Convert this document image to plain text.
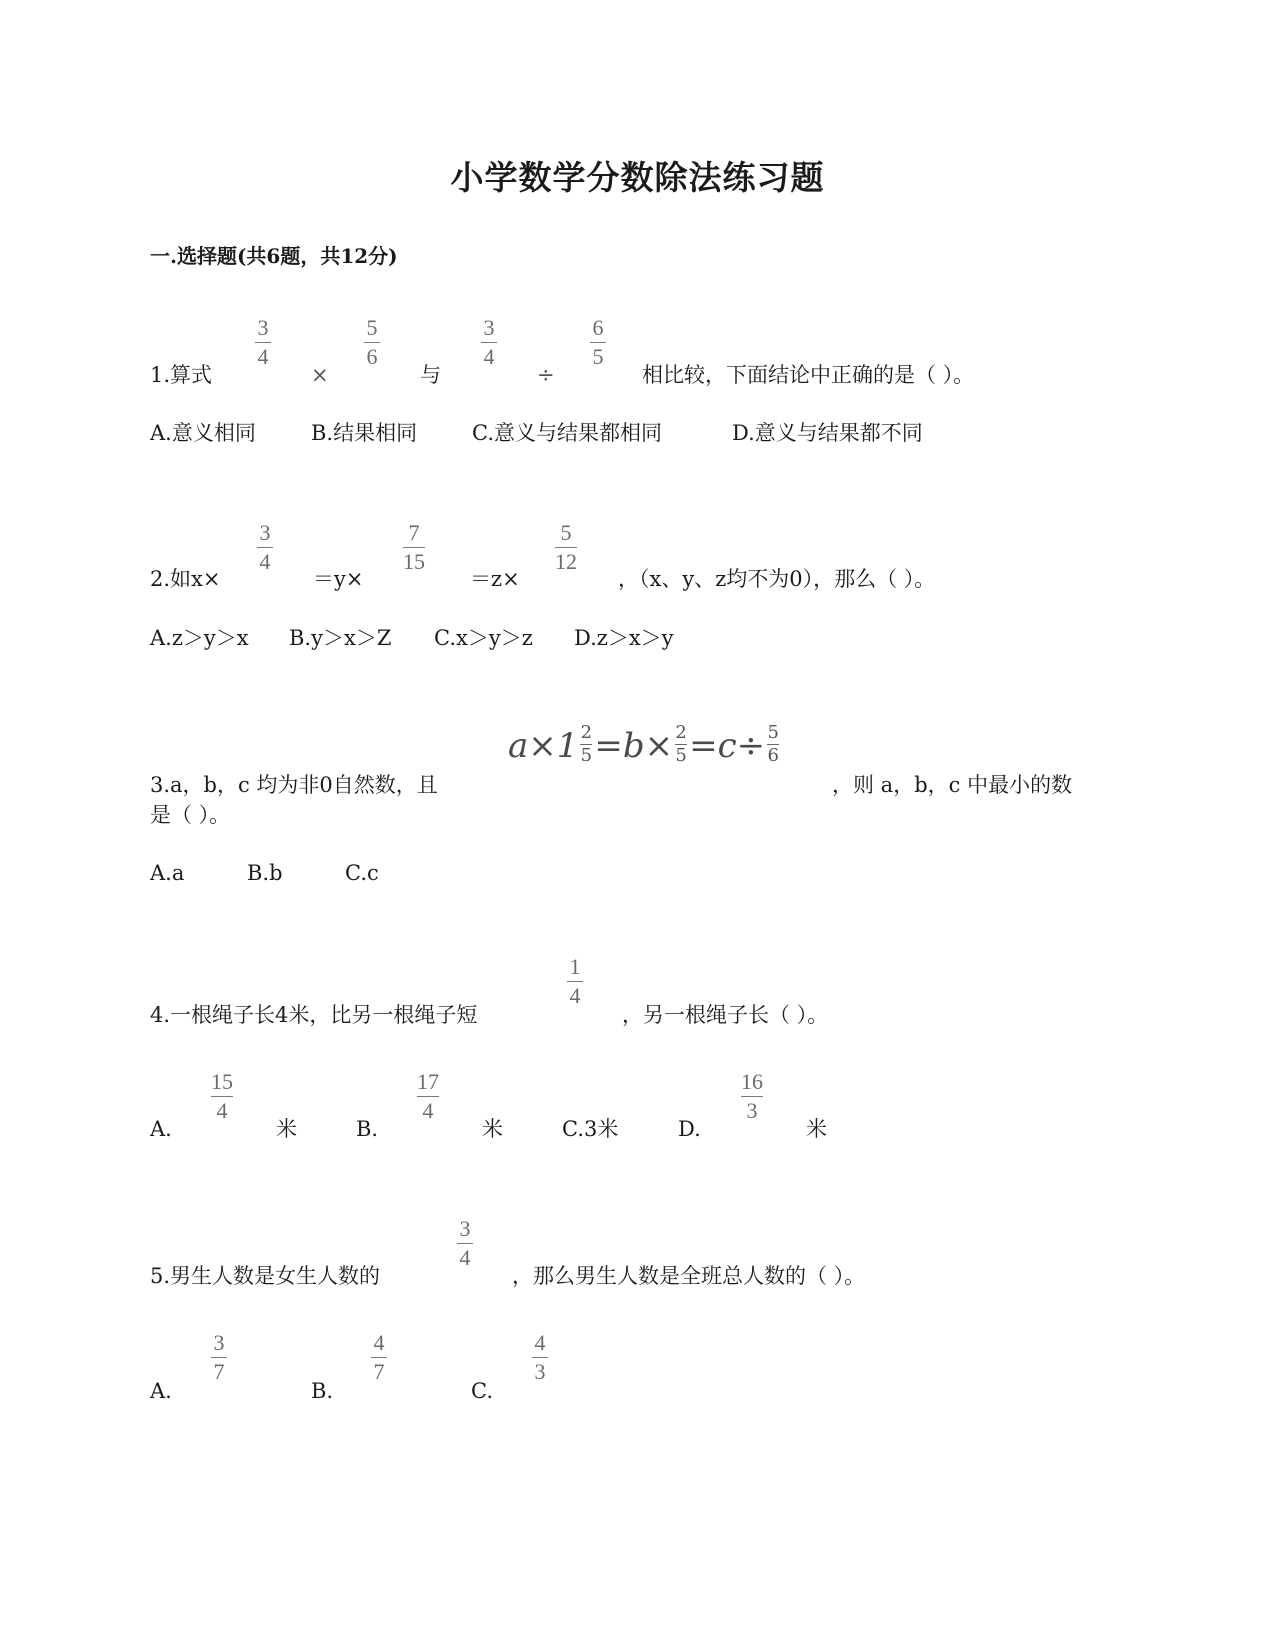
小学数学分数除法练习题
一.选择题(共6题，共12分)
1.算式
3
4
×
5
6
与
3
4
÷
6
5
相比较，下面结论中正确的是（ ）。
A.意义相同	B.结果相同	C.意义与结果都相同	D.意义与结果都不同
2.如x×
3
4
＝y×
7
15
＝z×
5
12
，（x、y、z均不为0），那么（ ）。
A.z＞y＞x B.y＞x＞Z C.x＞y＞z D.z＞x＞y
3.a，b，c 均为非0自然数，且
$a\times 1 \frac{2}{5} =b\times \frac{2}{5} =c\div \frac{5}{6}$
，则 a，b，c 中最小的数
是（ ）。
A.a	B.b	C.c
4.一根绳子长4米，比另一根绳子短
1
4
，另一根绳子长（ ）。
A.
15
4
米	B.
17
4
米	C.3米	D.
16
3
米
5.男生人数是女生人数的
3
4
，那么男生人数是全班总人数的（ ）。
A.
3
7
B.
4
7
C.
4
3
